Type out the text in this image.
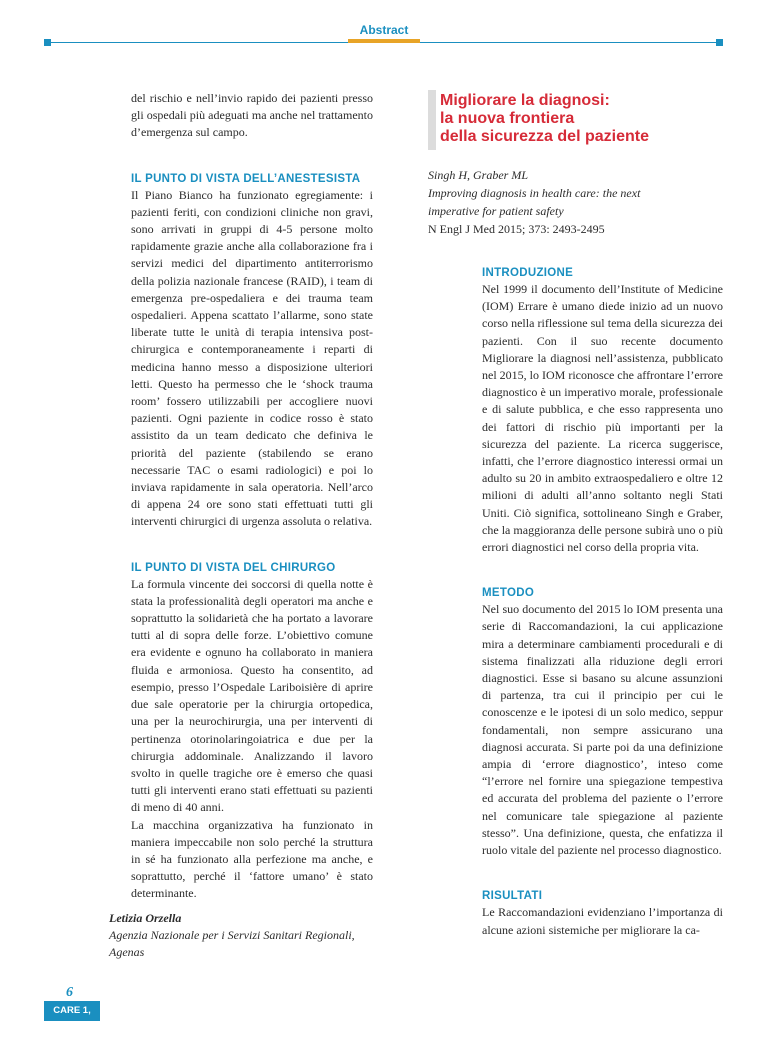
Abstract

del rischio e nell’invio rapido dei pazienti presso gli ospedali più adeguati ma anche nel trattamento d’emergenza sul campo.

IL PUNTO DI VISTA DELL’ANESTESISTA

Il Piano Bianco ha funzionato egregiamente: i pazienti feriti, con condizioni cliniche non gravi, sono arrivati in gruppi di 4-5 persone molto rapidamente grazie anche alla collaborazione fra i servizi medici del dipartimento antiterrorismo della polizia nazionale francese (RAID), i team di emergenza pre-ospedaliera e dei trauma team ospedalieri. Appena scattato l’allarme, sono state liberate tutte le unità di terapia intensiva post-chirurgica e contemporaneamente i reparti di medicina hanno messo a disposizione ulteriori letti. Questo ha permesso che le ‘shock trauma room’ fossero utilizzabili per accogliere nuovi pazienti. Ogni paziente in codice rosso è stato assistito da un team dedicato che definiva le priorità del paziente (stabilendo se erano necessarie TAC o esami radiologici) e poi lo inviava rapidamente in sala operatoria. Nell’arco di appena 24 ore sono stati effettuati tutti gli interventi chirurgici di urgenza assoluta o relativa.

IL PUNTO DI VISTA DEL CHIRURGO

La formula vincente dei soccorsi di quella notte è stata la professionalità degli operatori ma anche e soprattutto la solidarietà che ha portato a lavorare tutti al di sopra delle forze. L’obiettivo comune era evidente e ognuno ha collaborato in maniera fluida e armoniosa. Questo ha consentito, ad esempio, presso l’Ospedale Lariboisière di aprire due sale operatorie per la chirurgia ortopedica, una per la neurochirurgia, una per interventi di pertinenza otorinolaringoiatrica e due per la chirurgia addominale. Analizzando il lavoro svolto in quelle tragiche ore è emerso che quasi tutti gli interventi erano stati effettuati su pazienti di meno di 40 anni.

La macchina organizzativa ha funzionato in maniera impeccabile non solo perché la struttura in sé ha funzionato alla perfezione ma anche, e soprattutto, perché il ‘fattore umano’ è stato determinante.

Letizia Orzella
Agenzia Nazionale per i Servizi Sanitari Regionali,
Agenas
Migliorare la diagnosi:
la nuova frontiera
della sicurezza del paziente
Singh H, Graber ML
Improving diagnosis in health care: the next
imperative for patient safety
N Engl J Med 2015; 373: 2493-2495

INTRODUZIONE

Nel 1999 il documento dell’Institute of Medicine (IOM) Errare è umano diede inizio ad un nuovo corso nella riflessione sul tema della sicurezza dei pazienti. Con il suo recente documento Migliorare la diagnosi nell’assistenza, pubblicato nel 2015, lo IOM riconosce che affrontare l’errore diagnostico è un imperativo morale, professionale e di salute pubblica, e che esso rappresenta uno dei fattori di rischio più importanti per la sicurezza del paziente. La ricerca suggerisce, infatti, che l’errore diagnostico interessi ormai un adulto su 20 in ambito extraospedaliero e oltre 12 milioni di adulti all’anno soltanto negli Stati Uniti. Ciò significa, sottolineano Singh e Graber, che la maggioranza delle persone subirà uno o più errori diagnostici nel corso della propria vita.

METODO

Nel suo documento del 2015 lo IOM presenta una serie di Raccomandazioni, la cui applicazione mira a determinare cambiamenti procedurali e di sistema finalizzati alla riduzione degli errori diagnostici. Esse si basano su alcune assunzioni di partenza, tra cui il principio per cui le conoscenze e le ipotesi di un solo medico, seppur fondamentali, non sempre assicurano una diagnosi accurata. Si parte poi da una definizione ampia di ‘errore diagnostico’, inteso come “l’errore nel fornire una spiegazione tempestiva ed accurata del problema del paziente o l’errore nel comunicare tale spiegazione al paziente stesso”. Una definizione, questa, che enfatizza il ruolo vitale del paziente nel processo diagnostico.

RISULTATI

Le Raccomandazioni evidenziano l’importanza di alcune azioni sistemiche per migliorare la ca-

6
CARE 1, 2016
